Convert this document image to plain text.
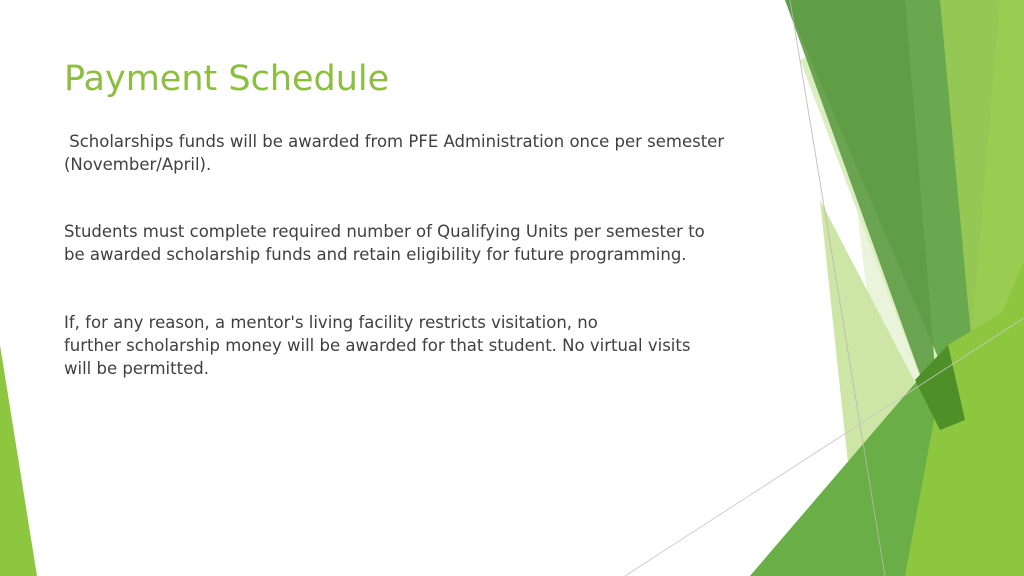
Payment Schedule

Scholarships funds will be awarded from PFE Administration once per semester
(November/April).

Students must complete required number of Qualifying Units per semester to
be awarded scholarship funds and retain eligibility for future programming.

If, for any reason, a mentor's living facility restricts visitation, no
further scholarship money will be awarded for that student. No virtual visits
will be permitted.
